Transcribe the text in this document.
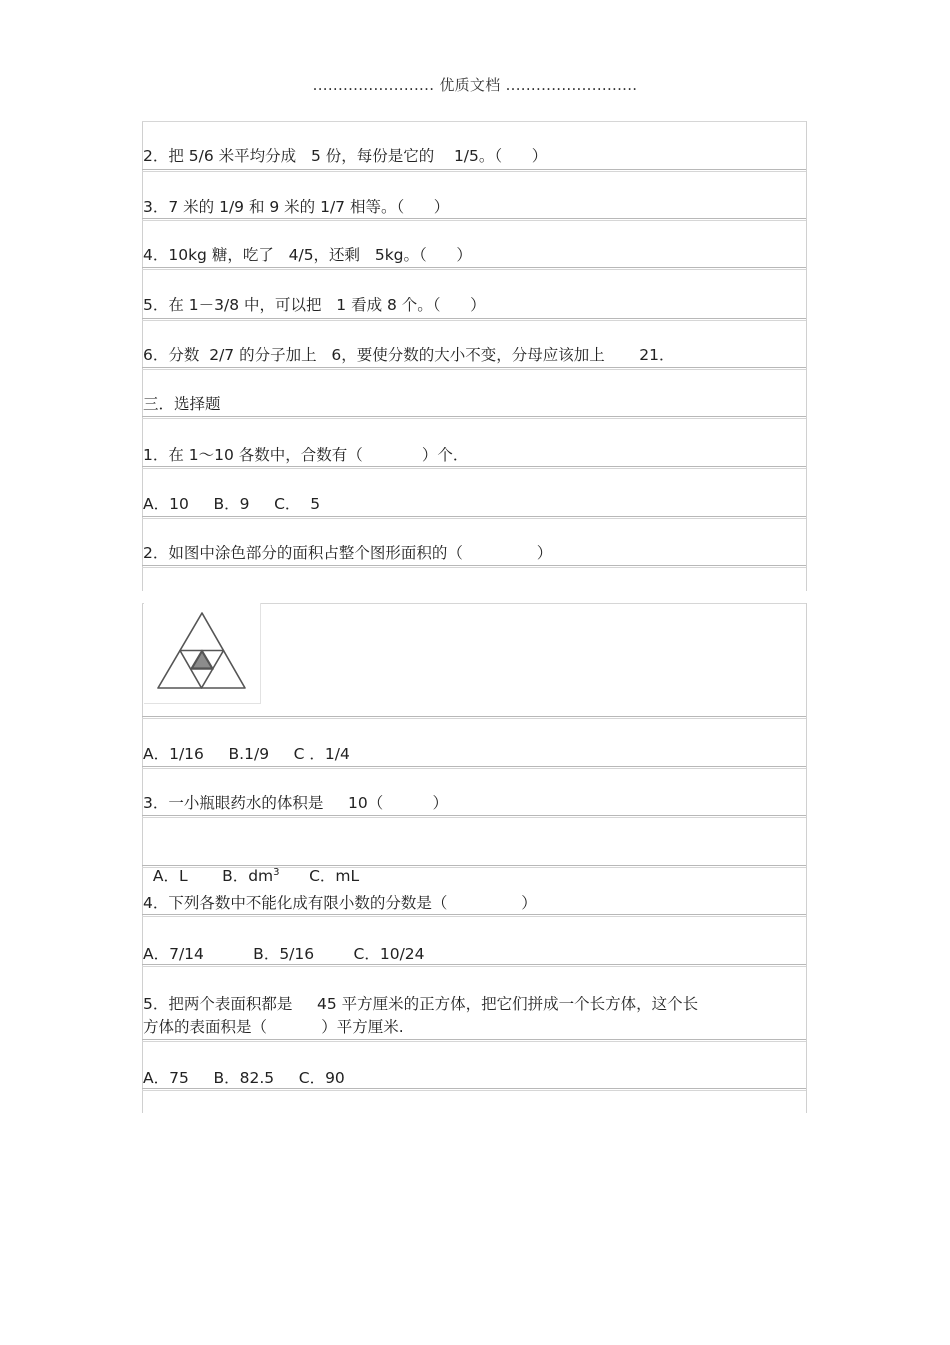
........................ 优质文档 ..........................
2．把 5/6 米平均分成   5 份，每份是它的    1/5。（      ）
3．7 米的 1/9 和 9 米的 1/7 相等。（      ）
4．10kg 糖，吃了   4/5，还剩   5kg。（      ）
5．在 1－3/8 中，可以把   1 看成 8 个。（      ）
6．分数  2/7 的分子加上   6，要使分数的大小不变，分母应该加上       21．
三．选择题
1．在 1～10 各数中，合数有（            ）个．
A．10     B．9     C．  5
2．如图中涂色部分的面积占整个图形面积的（               ）
A．1/16     B.1/9     C ．1/4
3．一小瓶眼药水的体积是     10（          ）

A．L       B．$dm^3$ C．mL

4．下列各数中不能化成有限小数的分数是（               ）
A．7/14          B．5/16        C．10/24
5．把两个表面积都是     45 平方厘米的正方体，把它们拼成一个长方体，这个长
方体的表面积是（           ）平方厘米.
A．75     B．82.5     C．90
